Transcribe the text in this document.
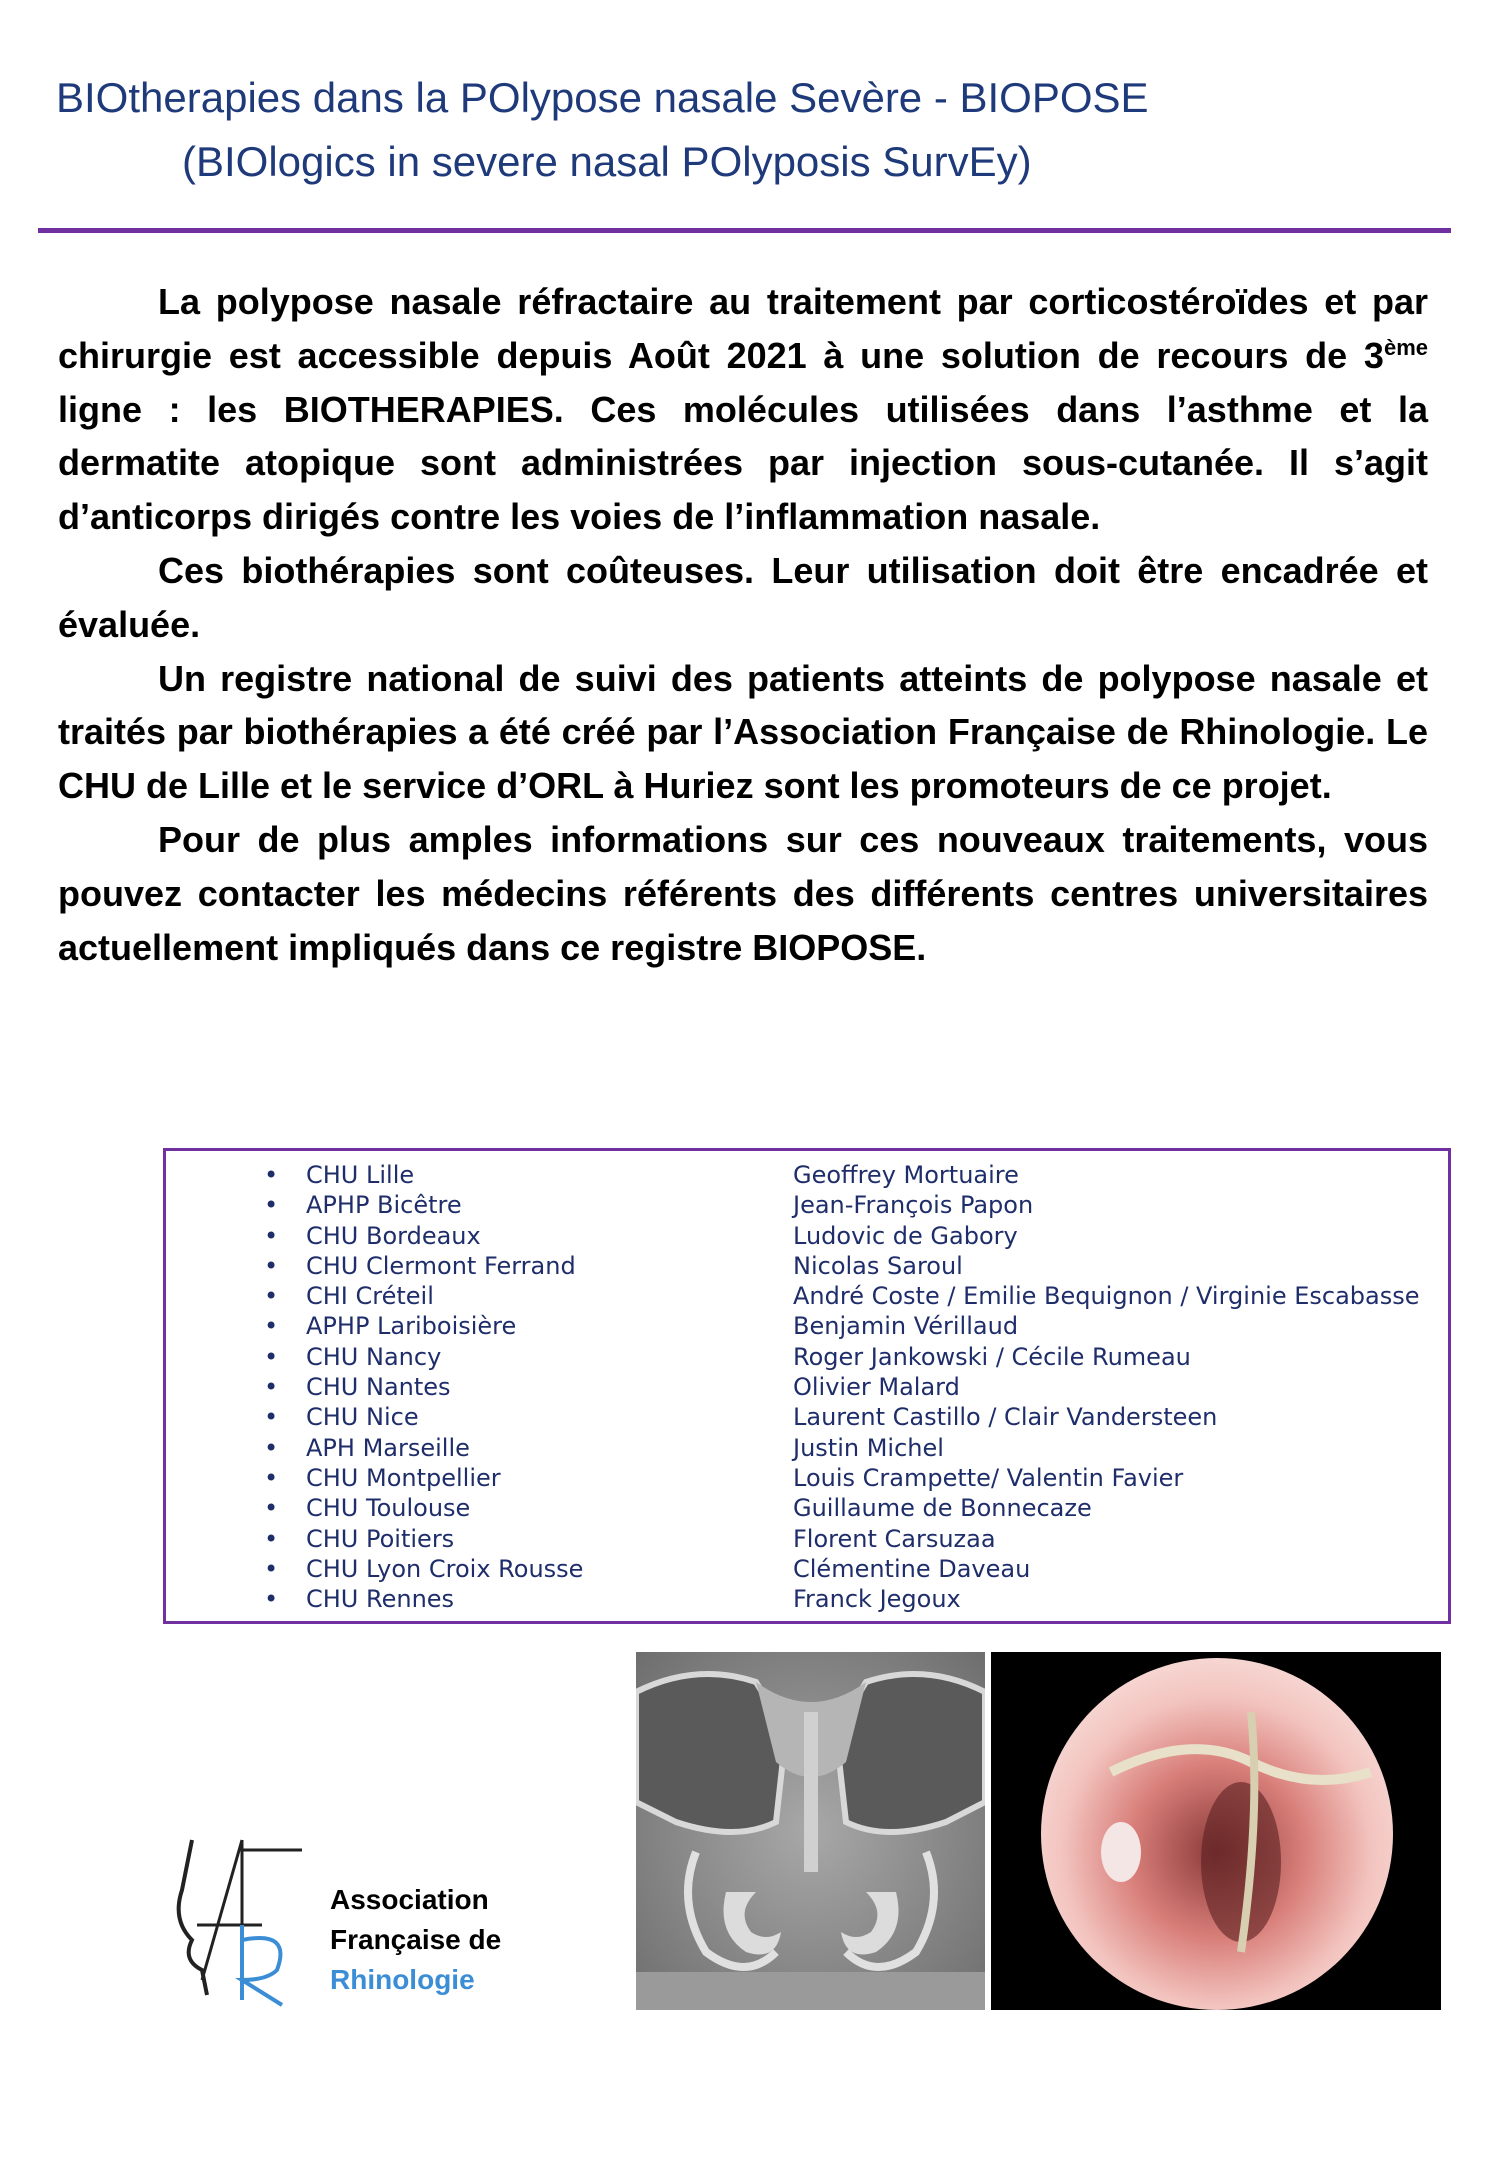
BIOtherapies dans la POlypose nasale Sevère - BIOPOSE
(BIOlogics in severe nasal POlyposis SurvEy)

La polypose nasale réfractaire au traitement par corticostéroïdes et par chirurgie est accessible depuis Août 2021 à une solution de recours de 3ème ligne : les BIOTHERAPIES. Ces molécules utilisées dans l’asthme et la dermatite atopique sont administrées par injection sous-cutanée. Il s’agit d’anticorps dirigés contre les voies de l’inflammation nasale.

Ces biothérapies sont coûteuses. Leur utilisation doit être encadrée et évaluée.

Un registre national de suivi des patients atteints de polypose nasale et traités par biothérapies a été créé par l’Association Française de Rhinologie. Le CHU de Lille et le service d’ORL à Huriez sont les promoteurs de ce projet.

Pour de plus amples informations sur ces nouveaux traitements, vous pouvez contacter les médecins référents des différents centres universitaires actuellement impliqués dans ce registre BIOPOSE.

• CHU Lille	Geoffrey Mortuaire
• APHP Bicêtre	Jean-François Papon
• CHU Bordeaux	Ludovic de Gabory
• CHU Clermont Ferrand	Nicolas Saroul
• CHI Créteil	André Coste / Emilie Bequignon / Virginie Escabasse
• APHP Lariboisière	Benjamin Vérillaud
• CHU Nancy	Roger Jankowski / Cécile Rumeau
• CHU Nantes	Olivier Malard
• CHU Nice	Laurent Castillo / Clair Vandersteen
• APH Marseille	Justin Michel
• CHU Montpellier	Louis Crampette/ Valentin Favier
• CHU Toulouse	Guillaume de Bonnecaze
• CHU Poitiers	Florent Carsuzaa
• CHU Lyon Croix Rousse	Clémentine Daveau
• CHU Rennes	Franck Jegoux
Association
Française de
Rhinologie
